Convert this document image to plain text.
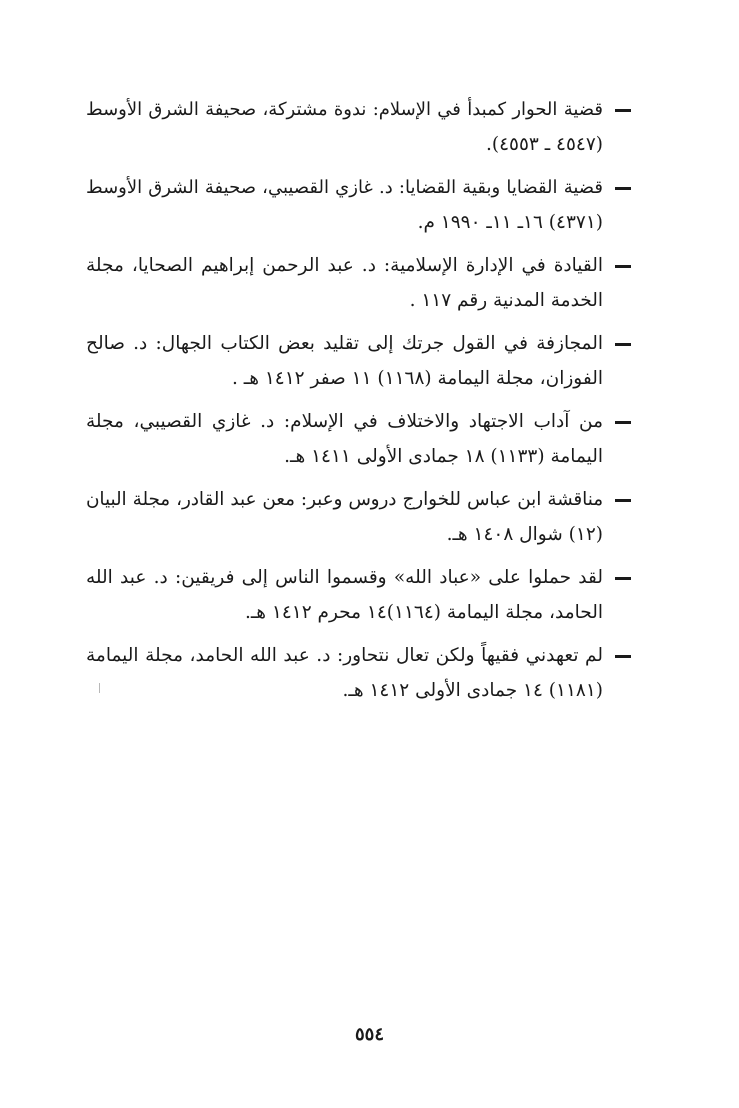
قضية الحوار كمبدأ في الإسلام: ندوة مشتركة، صحيفة الشرق الأوسط
(٤٥٤٧ ـ ٤٥٥٣).
قضية القضايا وبقية القضايا: د. غازي القصيبي، صحيفة الشرق الأوسط
(٤٣٧١) ١٦ـ ١١ـ ١٩٩٠ م.
القيادة في الإدارة الإسلامية: د. عبد الرحمن إبراهيم الصحايا، مجلة
الخدمة المدنية رقم ١١٧ .
المجازفة في القول جرتك إلى تقليد بعض الكتاب الجهال: د. صالح
الفوزان، مجلة اليمامة (١١٦٨) ١١ صفر ١٤١٢ هـ .
من آداب الاجتهاد والاختلاف في الإسلام: د. غازي القصيبي، مجلة
اليمامة (١١٣٣) ١٨ جمادى الأولى ١٤١١ هـ.
مناقشة ابن عباس للخوارج دروس وعبر: معن عبد القادر، مجلة البيان
(١٢) شوال ١٤٠٨ هـ.
لقد حملوا على «عباد الله» وقسموا الناس إلى فريقين: د. عبد الله
الحامد، مجلة اليمامة (١١٦٤)١٤ محرم ١٤١٢ هـ.
لم تعهدني فقيهاً ولكن تعال نتحاور: د. عبد الله الحامد، مجلة اليمامة
(١١٨١) ١٤ جمادى الأولى ١٤١٢ هـ.
٥٥٤
